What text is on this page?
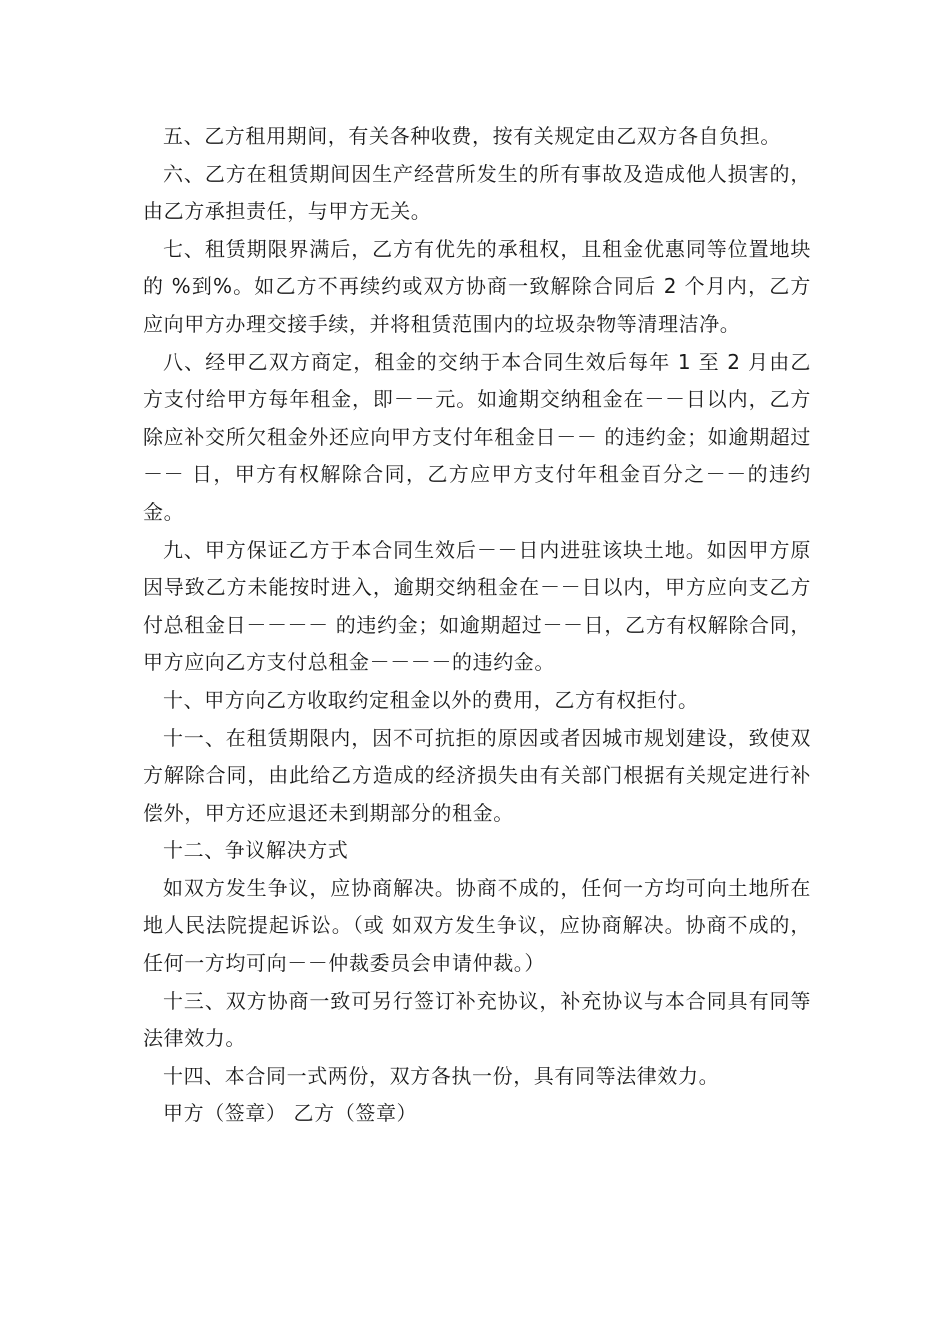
五、乙方租用期间，有关各种收费，按有关规定由乙双方各自负担。

六、乙方在租赁期间因生产经营所发生的所有事故及造成他人损害的，由乙方承担责任，与甲方无关。

七、租赁期限界满后，乙方有优先的承租权，且租金优惠同等位置地块的 %到%。如乙方不再续约或双方协商一致解除合同后 2 个月内，乙方应向甲方办理交接手续，并将租赁范围内的垃圾杂物等清理洁净。

八、经甲乙双方商定，租金的交纳于本合同生效后每年 1 至 2 月由乙方支付给甲方每年租金，即－－元。如逾期交纳租金在－－日以内，乙方除应补交所欠租金外还应向甲方支付年租金日－－ 的违约金；如逾期超过－－ 日，甲方有权解除合同，乙方应甲方支付年租金百分之－－的违约金。

九、甲方保证乙方于本合同生效后－－日内进驻该块土地。如因甲方原因导致乙方未能按时进入，逾期交纳租金在－－日以内，甲方应向支乙方付总租金日－－－－ 的违约金；如逾期超过－－日，乙方有权解除合同，甲方应向乙方支付总租金－－－－的违约金。

十、甲方向乙方收取约定租金以外的费用，乙方有权拒付。

十一、在租赁期限内，因不可抗拒的原因或者因城市规划建设，致使双方解除合同，由此给乙方造成的经济损失由有关部门根据有关规定进行补偿外，甲方还应退还未到期部分的租金。

十二、争议解决方式

如双方发生争议，应协商解决。协商不成的，任何一方均可向土地所在地人民法院提起诉讼。（或 如双方发生争议，应协商解决。协商不成的，任何一方均可向－－仲裁委员会申请仲裁。）

十三、双方协商一致可另行签订补充协议，补充协议与本合同具有同等法律效力。

十四、本合同一式两份，双方各执一份，具有同等法律效力。

甲方（签章） 乙方（签章）
